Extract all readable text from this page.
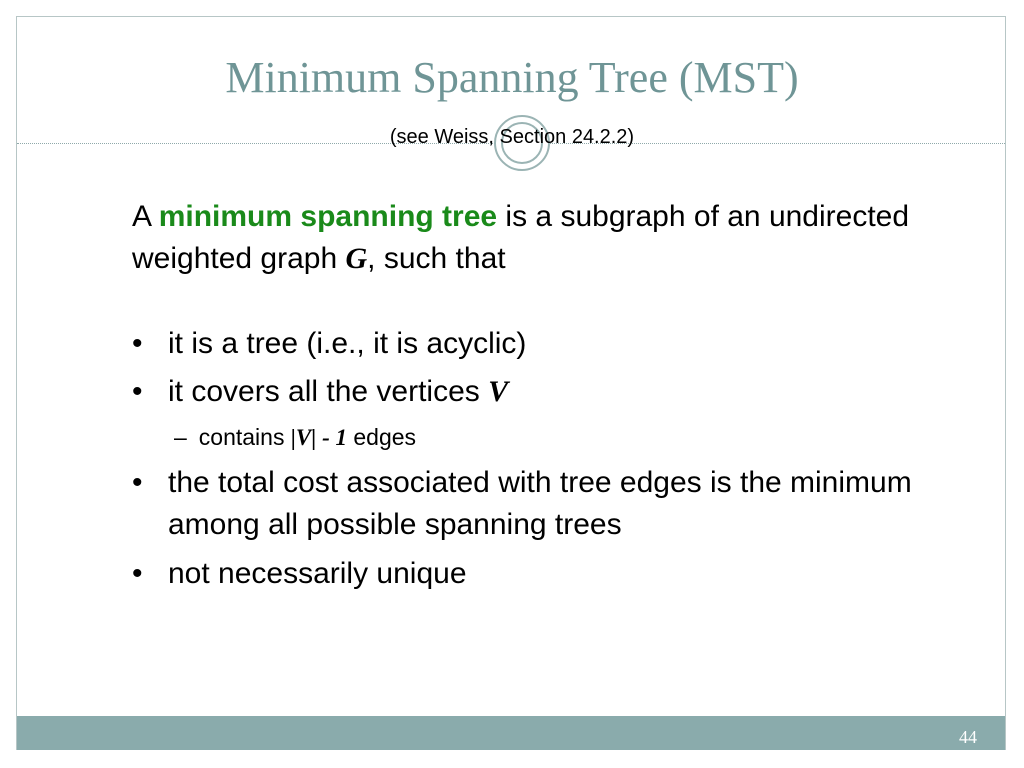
Minimum Spanning Tree (MST)
(see Weiss, Section 24.2.2)
A minimum spanning tree is a subgraph of an undirected weighted graph G, such that
• it is a tree (i.e., it is acyclic)
• it covers all the vertices V
– contains |V| - 1 edges
• the total cost associated with tree edges is the minimum among all possible spanning trees
• not necessarily unique
44
